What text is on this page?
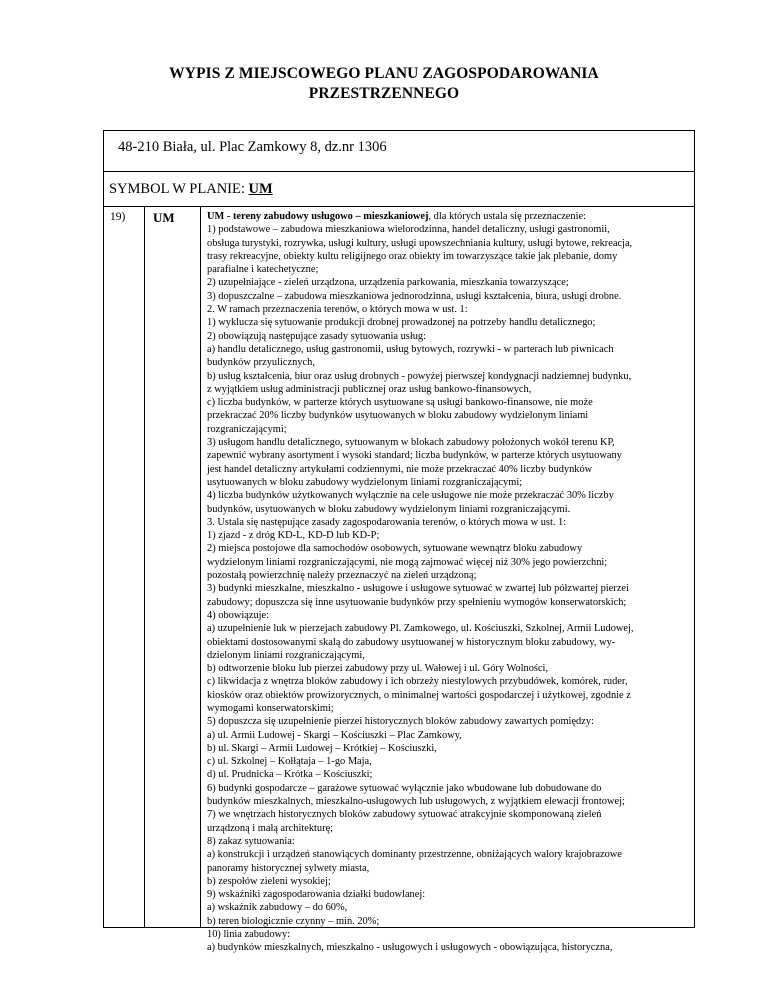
WYPIS Z MIEJSCOWEGO PLANU ZAGOSPODAROWANIA
PRZESTRZENNEGO
48-210 Biała, ul. Plac Zamkowy 8, dz.nr 1306
SYMBOL W PLANIE: UM
19) UM	UM - tereny zabudowy usługowo – mieszkaniowej, dla których ustala się przeznaczenie:
1) podstawowe – zabudowa mieszkaniowa wielorodzinna, handel detaliczny, usługi gastronomii,
obsługa turystyki, rozrywka, usługi kultury, usługi upowszechniania kultury, usługi bytowe, rekreacja,
trasy rekreacyjne, obiekty kultu religijnego oraz obiekty im towarzyszące takie jak plebanie, domy
parafialne i katechetyczne;
2) uzupełniające - zieleń urządzona, urządzenia parkowania, mieszkania towarzyszące;
3) dopuszczalne – zabudowa mieszkaniowa jednorodzinna, usługi kształcenia, biura, usługi drobne.
2. W ramach przeznaczenia terenów, o których mowa w ust. 1:
1) wyklucza się sytuowanie produkcji drobnej prowadzonej na potrzeby handlu detalicznego;
2) obowiązują następujące zasady sytuowania usług:
a) handlu detalicznego, usług gastronomii, usług bytowych, rozrywki - w parterach lub piwnicach
budynków przyulicznych,
b) usług kształcenia, biur oraz usług drobnych - powyżej pierwszej kondygnacji nadziemnej budynku,
z wyjątkiem usług administracji publicznej oraz usług bankowo-finansowych,
c) liczba budynków, w parterze których usytuowane są usługi bankowo-finansowe, nie może
przekraczać 20% liczby budynków usytuowanych w bloku zabudowy wydzielonym liniami
rozgraniczającymi;
3) usługom handlu detalicznego, sytuowanym w blokach zabudowy położonych wokół terenu KP,
zapewnić wybrany asortyment i wysoki standard; liczba budynków, w parterze których usytuowany
jest handel detaliczny artykułami codziennymi, nie może przekraczać 40% liczby budynków
usytuowanych w bloku zabudowy wydzielonym liniami rozgraniczającymi;
4) liczba budynków użytkowanych wyłącznie na cele usługowe nie może przekraczać 30% liczby
budynków, usytuowanych w bloku zabudowy wydzielonym liniami rozgraniczającymi.
3. Ustala się następujące zasady zagospodarowania terenów, o których mowa w ust. 1:
1) zjazd - z dróg KD-L, KD-D lub KD-P;
2) miejsca postojowe dla samochodów osobowych, sytuowane wewnątrz bloku zabudowy
wydzielonym liniami rozgraniczającymi, nie mogą zajmować więcej niż 30% jego powierzchni;
pozostałą powierzchnię należy przeznaczyć na zieleń urządzoną;
3) budynki mieszkalne, mieszkalno - usługowe i usługowe sytuować w zwartej lub półzwartej pierzei
zabudowy; dopuszcza się inne usytuowanie budynków przy spełnieniu wymogów konserwatorskich;
4) obowiązuje:
a) uzupełnienie luk w pierzejach zabudowy Pl. Zamkowego, ul. Kościuszki, Szkolnej, Armii Ludowej,
obiektami dostosowanymi skalą do zabudowy usytuowanej w historycznym bloku zabudowy, wy-
dzielonym liniami rozgraniczającymi,
b) odtworzenie bloku lub pierzei zabudowy przy ul. Wałowej i ul. Góry Wolności,
c) likwidacja z wnętrza bloków zabudowy i ich obrzeży niestylowych przybudówek, komórek, ruder,
kiosków oraz obiektów prowizorycznych, o minimalnej wartości gospodarczej i użytkowej, zgodnie z
wymogami konserwatorskimi;
5) dopuszcza się uzupełnienie pierzei historycznych bloków zabudowy zawartych pomiędzy:
a) ul. Armii Ludowej - Skargi – Kościuszki – Plac Zamkowy,
b) ul. Skargi – Armii Ludowej – Krótkiej – Kościuszki,
c) ul. Szkolnej – Kołłątaja – 1-go Maja,
d) ul. Prudnicka – Krótka – Kościuszki;
6) budynki gospodarcze – garażowe sytuować wyłącznie jako wbudowane lub dobudowane do
budynków mieszkalnych, mieszkalno-usługowych lub usługowych, z wyjątkiem elewacji frontowej;
7) we wnętrzach historycznych bloków zabudowy sytuować atrakcyjnie skomponowaną zieleń
urządzoną i małą architekturę;
8) zakaz sytuowania:
a) konstrukcji i urządzeń stanowiących dominanty przestrzenne, obniżających walory krajobrazowe
panoramy historycznej sylwety miasta,
b) zespołów zieleni wysokiej;
9) wskaźniki zagospodarowania działki budowlanej:
a) wskaźnik zabudowy – do 60%,
b) teren biologicznie czynny – min. 20%;
10) linia zabudowy:
a) budynków mieszkalnych, mieszkalno - usługowych i usługowych - obowiązująca, historyczna,
